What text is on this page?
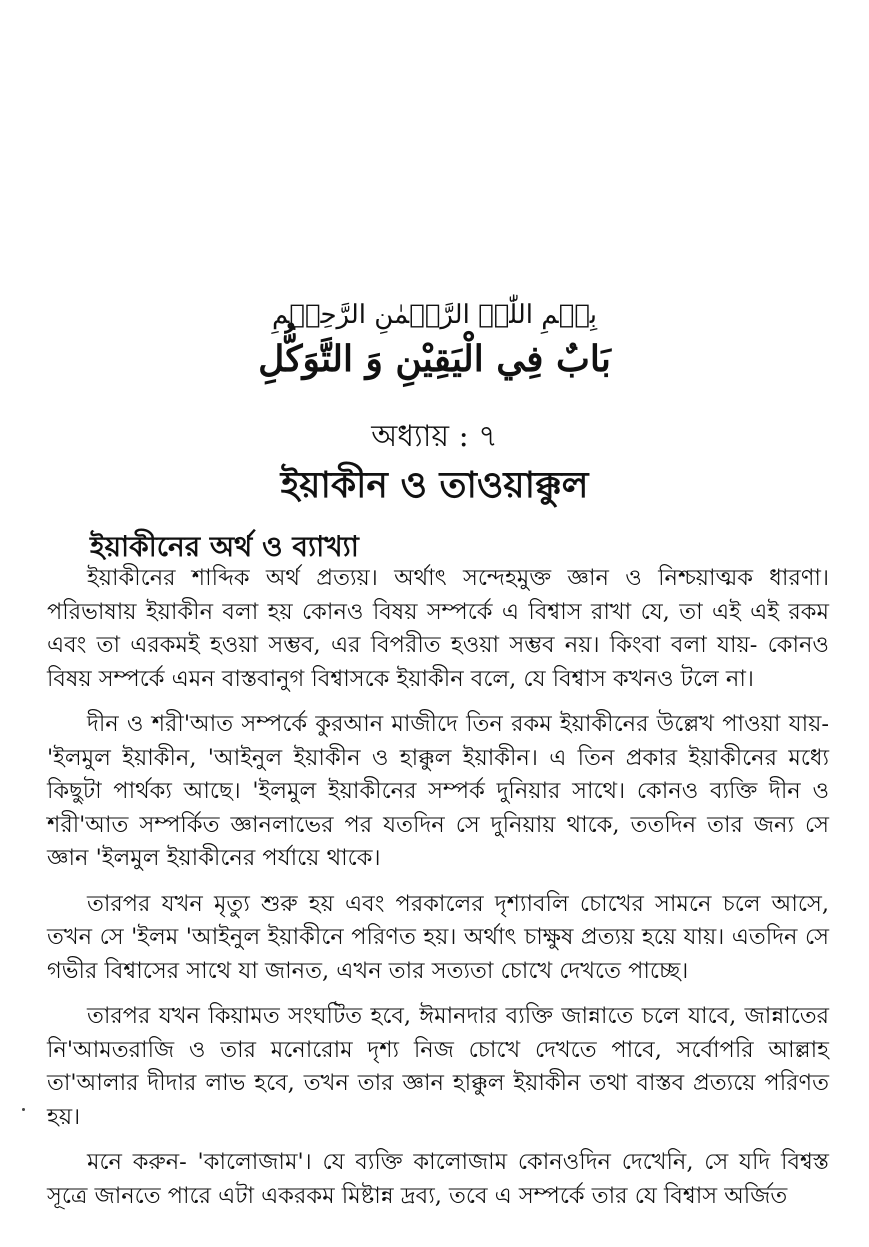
بِسۡمِ اللّٰہِ الرَّحۡمٰنِ الرَّحِیۡمِ
بَابٌ فِي الْيَقِيْنِ وَ التَّوَكُّلِ
অধ্যায় : ৭
ইয়াকীন ও তাওয়াক্কুল
ইয়াকীনের অর্থ ও ব্যাখ্যা

ইয়াকীনের শাব্দিক অর্থ প্রত্যয়। অর্থাৎ সন্দেহমুক্ত জ্ঞান ও নিশ্চয়াত্মক ধারণা। পরিভাষায় ইয়াকীন বলা হয় কোনও বিষয় সম্পর্কে এ বিশ্বাস রাখা যে, তা এই এই রকম এবং তা এরকমই হওয়া সম্ভব, এর বিপরীত হওয়া সম্ভব নয়। কিংবা বলা যায়- কোনও বিষয় সম্পর্কে এমন বাস্তবানুগ বিশ্বাসকে ইয়াকীন বলে, যে বিশ্বাস কখনও টলে না।

দীন ও শরী'আত সম্পর্কে কুরআন মাজীদে তিন রকম ইয়াকীনের উল্লেখ পাওয়া যায়- 'ইলমুল ইয়াকীন, 'আইনুল ইয়াকীন ও হাক্কুল ইয়াকীন। এ তিন প্রকার ইয়াকীনের মধ্যে কিছুটা পার্থক্য আছে। 'ইলমুল ইয়াকীনের সম্পর্ক দুনিয়ার সাথে। কোনও ব্যক্তি দীন ও শরী'আত সম্পর্কিত জ্ঞানলাভের পর যতদিন সে দুনিয়ায় থাকে, ততদিন তার জন্য সে জ্ঞান 'ইলমুল ইয়াকীনের পর্যায়ে থাকে।

তারপর যখন মৃত্যু শুরু হয় এবং পরকালের দৃশ্যাবলি চোখের সামনে চলে আসে, তখন সে 'ইলম 'আইনুল ইয়াকীনে পরিণত হয়। অর্থাৎ চাক্ষুষ প্রত্যয় হয়ে যায়। এতদিন সে গভীর বিশ্বাসের সাথে যা জানত, এখন তার সত্যতা চোখে দেখতে পাচ্ছে।

তারপর যখন কিয়ামত সংঘটিত হবে, ঈমানদার ব্যক্তি জান্নাতে চলে যাবে, জান্নাতের নি'আমতরাজি ও তার মনোরোম দৃশ্য নিজ চোখে দেখতে পাবে, সর্বোপরি আল্লাহ তা'আলার দীদার লাভ হবে, তখন তার জ্ঞান হাক্কুল ইয়াকীন তথা বাস্তব প্রত্যয়ে পরিণত হয়।

মনে করুন- 'কালোজাম'। যে ব্যক্তি কালোজাম কোনওদিন দেখেনি, সে যদি বিশ্বস্ত সূত্রে জানতে পারে এটা একরকম মিষ্টান্ন দ্রব্য, তবে এ সম্পর্কে তার যে বিশ্বাস অর্জিত
